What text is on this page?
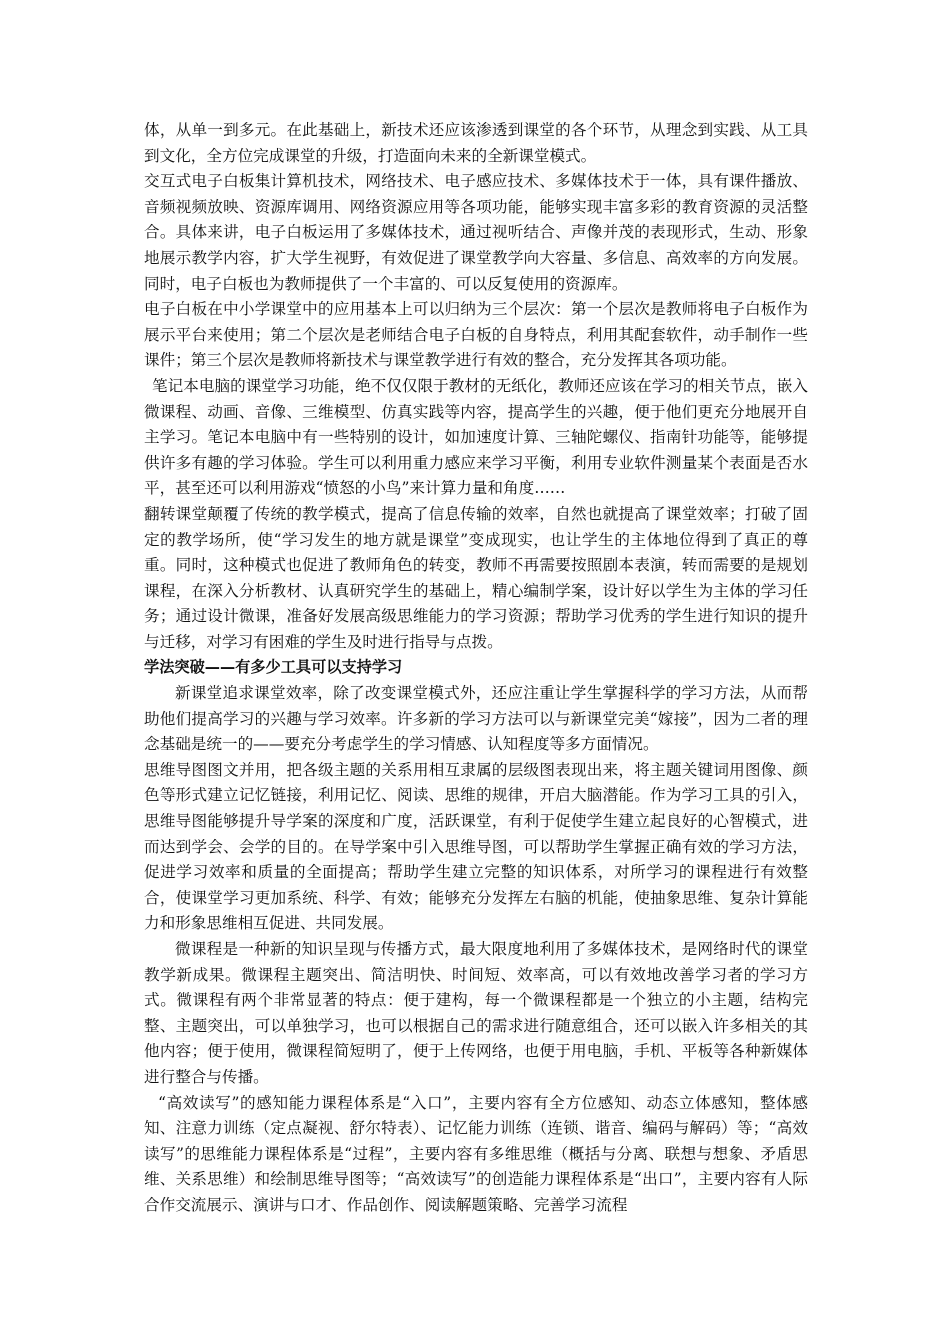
体，从单一到多元。在此基础上，新技术还应该渗透到课堂的各个环节，从理念到实践、从工具到文化，全方位完成课堂的升级，打造面向未来的全新课堂模式。

交互式电子白板集计算机技术，网络技术、电子感应技术、多媒体技术于一体，具有课件播放、音频视频放映、资源库调用、网络资源应用等各项功能，能够实现丰富多彩的教育资源的灵活整合。具体来讲，电子白板运用了多媒体技术，通过视听结合、声像并茂的表现形式，生动、形象地展示教学内容，扩大学生视野，有效促进了课堂教学向大容量、多信息、高效率的方向发展。同时，电子白板也为教师提供了一个丰富的、可以反复使用的资源库。

电子白板在中小学课堂中的应用基本上可以归纳为三个层次：第一个层次是教师将电子白板作为展示平台来使用；第二个层次是老师结合电子白板的自身特点，利用其配套软件，动手制作一些课件；第三个层次是教师将新技术与课堂教学进行有效的整合，充分发挥其各项功能。

笔记本电脑的课堂学习功能，绝不仅仅限于教材的无纸化，教师还应该在学习的相关节点，嵌入微课程、动画、音像、三维模型、仿真实践等内容，提高学生的兴趣，便于他们更充分地展开自主学习。笔记本电脑中有一些特别的设计，如加速度计算、三轴陀螺仪、指南针功能等，能够提供许多有趣的学习体验。学生可以利用重力感应来学习平衡，利用专业软件测量某个表面是否水平，甚至还可以利用游戏“愤怒的小鸟”来计算力量和角度……

翻转课堂颠覆了传统的教学模式，提高了信息传输的效率，自然也就提高了课堂效率；打破了固定的教学场所，使“学习发生的地方就是课堂”变成现实，也让学生的主体地位得到了真正的尊重。同时，这种模式也促进了教师角色的转变，教师不再需要按照剧本表演，转而需要的是规划课程，在深入分析教材、认真研究学生的基础上，精心编制学案，设计好以学生为主体的学习任务；通过设计微课，准备好发展高级思维能力的学习资源；帮助学习优秀的学生进行知识的提升与迁移，对学习有困难的学生及时进行指导与点拨。

学法突破——有多少工具可以支持学习

新课堂追求课堂效率，除了改变课堂模式外，还应注重让学生掌握科学的学习方法，从而帮助他们提高学习的兴趣与学习效率。许多新的学习方法可以与新课堂完美“嫁接”，因为二者的理念基础是统一的——要充分考虑学生的学习情感、认知程度等多方面情况。

思维导图图文并用，把各级主题的关系用相互隶属的层级图表现出来，将主题关键词用图像、颜色等形式建立记忆链接，利用记忆、阅读、思维的规律，开启大脑潜能。作为学习工具的引入，思维导图能够提升导学案的深度和广度，活跃课堂，有利于促使学生建立起良好的心智模式，进而达到学会、会学的目的。在导学案中引入思维导图，可以帮助学生掌握正确有效的学习方法，促进学习效率和质量的全面提高；帮助学生建立完整的知识体系，对所学习的课程进行有效整合，使课堂学习更加系统、科学、有效；能够充分发挥左右脑的机能，使抽象思维、复杂计算能力和形象思维相互促进、共同发展。

微课程是一种新的知识呈现与传播方式，最大限度地利用了多媒体技术，是网络时代的课堂教学新成果。微课程主题突出、简洁明快、时间短、效率高，可以有效地改善学习者的学习方式。微课程有两个非常显著的特点：便于建构，每一个微课程都是一个独立的小主题，结构完整、主题突出，可以单独学习，也可以根据自己的需求进行随意组合，还可以嵌入许多相关的其他内容；便于使用，微课程简短明了，便于上传网络，也便于用电脑，手机、平板等各种新媒体进行整合与传播。

“高效读写”的感知能力课程体系是“入口”，主要内容有全方位感知、动态立体感知，整体感知、注意力训练（定点凝视、舒尔特表）、记忆能力训练（连锁、谐音、编码与解码）等；“高效读写”的思维能力课程体系是“过程”，主要内容有多维思维（概括与分离、联想与想象、矛盾思维、关系思维）和绘制思维导图等；“高效读写”的创造能力课程体系是“出口”，主要内容有人际合作交流展示、演讲与口才、作品创作、阅读解题策略、完善学习流程
